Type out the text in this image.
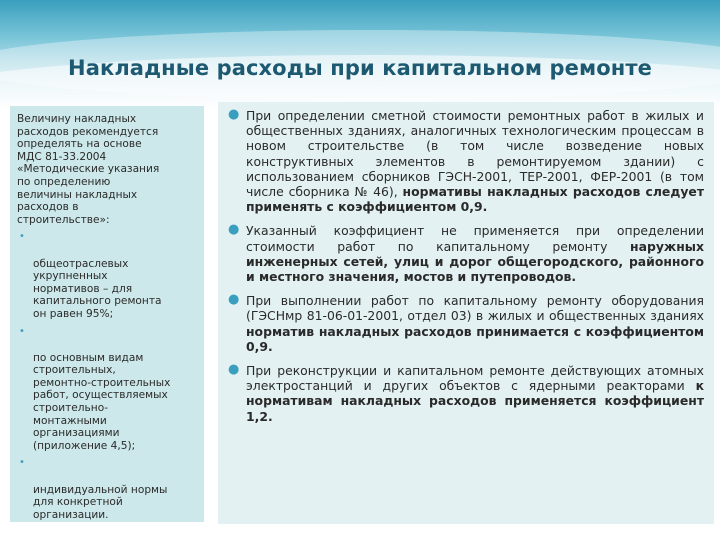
Накладные расходы при капитальном ремонте
Величину накладных
расходов рекомендуется
определять на основе
МДС 81-33.2004
«Методические указания
по определению
величины накладных
расходов в
строительстве»:

•

общеотраслевых
укрупненных
нормативов – для
капитального ремонта
он равен 95%;

•

по основным видам
строительных,
ремонтно-строительных
работ, осуществляемых
строительно-
монтажными
организациями
(приложение 4,5);

•

индивидуальной нормы
для конкретной
организации.

● При определении сметной стоимости ремонтных работ в жилых и общественных зданиях, аналогичных технологическим процессам в новом строительстве (в том числе возведение новых конструктивных элементов в ремонтируемом здании) с использованием сборников ГЭСН-2001, ТЕР-2001, ФЕР-2001 (в том числе сборника № 46), нормативы накладных расходов следует применять с коэффициентом 0,9.
● Указанный коэффициент не применяется при определении стоимости работ по капитальному ремонту наружных инженерных сетей, улиц и дорог общегородского, районного и местного значения, мостов и путепроводов.
● При выполнении работ по капитальному ремонту оборудования (ГЭСНмр 81-06-01-2001, отдел 03) в жилых и общественных зданиях норматив накладных расходов принимается с коэффициентом 0,9.
● При реконструкции и капитальном ремонте действующих атомных электростанций и других объектов с ядерными реакторами к нормативам накладных расходов применяется коэффициент 1,2.
